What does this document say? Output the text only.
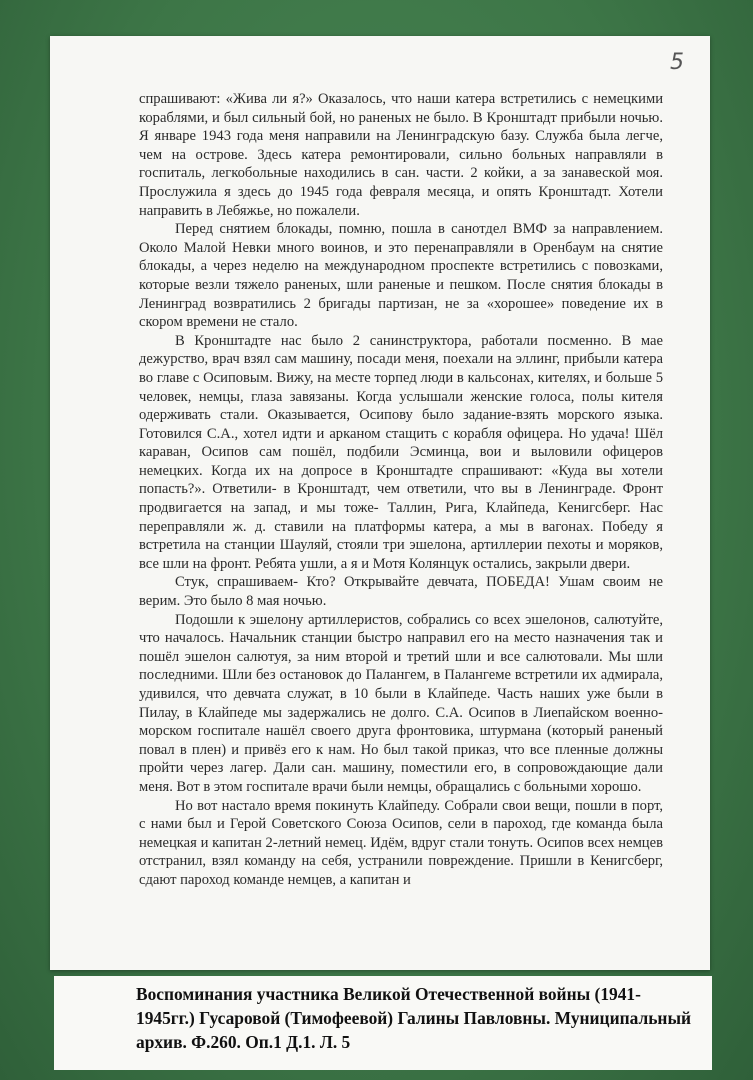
5

спрашивают: «Жива ли я?» Оказалось, что наши катера встретились с немецкими кораблями, и был сильный бой, но раненых не было. В Кронштадт прибыли ночью. Я январе 1943 года меня направили на Ленинградскую базу. Служба была легче, чем на острове. Здесь катера ремонтировали, сильно больных направляли в госпиталь, легкобольные находились в сан. части. 2 койки, а за занавеской моя. Прослужила я здесь до 1945 года февраля месяца, и опять Кронштадт. Хотели направить в Лебяжье, но пожалели.

Перед снятием блокады, помню, пошла в санотдел ВМФ за направлением. Около Малой Невки много воинов, и это перенаправляли в Оренбаум на снятие блокады, а через неделю на международном проспекте встретились с повозками, которые везли тяжело раненых, шли раненые и пешком. После снятия блокады в Ленинград возвратились 2 бригады партизан, не за «хорошее» поведение их в скором времени не стало.

В Кронштадте нас было 2 санинструктора, работали посменно. В мае дежурство, врач взял сам машину, посади меня, поехали на эллинг, прибыли катера во главе с Осиповым. Вижу, на месте торпед люди в кальсонах, кителях, и больше 5 человек, немцы, глаза завязаны. Когда услышали женские голоса, полы кителя одерживать стали. Оказывается, Осипову было задание-взять морского языка. Готовился С.А., хотел идти и арканом стащить с корабля офицера. Но удача! Шёл караван, Осипов сам пошёл, подбили Эсминца, вои и выловили офицеров немецких. Когда их на допросе в Кронштадте спрашивают: «Куда вы хотели попасть?». Ответили- в Кронштадт, чем ответили, что вы в Ленинграде. Фронт продвигается на запад, и мы тоже- Таллин, Рига, Клайпеда, Кенигсберг. Нас переправляли ж. д. ставили на платформы катера, а мы в вагонах. Победу я встретила на станции Шауляй, стояли три эшелона, артиллерии пехоты и моряков, все шли на фронт. Ребята ушли, а я и Мотя Колянцук остались, закрыли двери.

Стук, спрашиваем- Кто? Открывайте девчата, ПОБЕДА! Ушам своим не верим. Это было 8 мая ночью.

Подошли к эшелону артиллеристов, собрались со всех эшелонов, салютуйте, что началось. Начальник станции быстро направил его на место назначения так и пошёл эшелон салютуя, за ним второй и третий шли и все салютовали. Мы шли последними. Шли без остановок до Палангем, в Палангеме встретили их адмирала, удивился, что девчата служат, в 10 были в Клайпеде. Часть наших уже были в Пилау, в Клайпеде мы задержались не долго. С.А. Осипов в Лиепайском военно-морском госпитале нашёл своего друга фронтовика, штурмана (который раненый повал в плен) и привёз его к нам. Но был такой приказ, что все пленные должны пройти через лагер. Дали сан. машину, поместили его, в сопровождающие дали меня. Вот в этом госпитале врачи были немцы, обращались с больными хорошо.

Но вот настало время покинуть Клайпеду. Собрали свои вещи, пошли в порт, с нами был и Герой Советского Союза Осипов, сели в пароход, где команда была немецкая и капитан 2-летний немец. Идём, вдруг стали тонуть. Осипов всех немцев отстранил, взял команду на себя, устранили повреждение. Пришли в Кенигсберг, сдают пароход команде немцев, а капитан и

Воспоминания участника Великой Отечественной войны (1941-1945гг.) Гусаровой (Тимофеевой) Галины Павловны. Муниципальный архив. Ф.260. Оп.1 Д.1. Л. 5
